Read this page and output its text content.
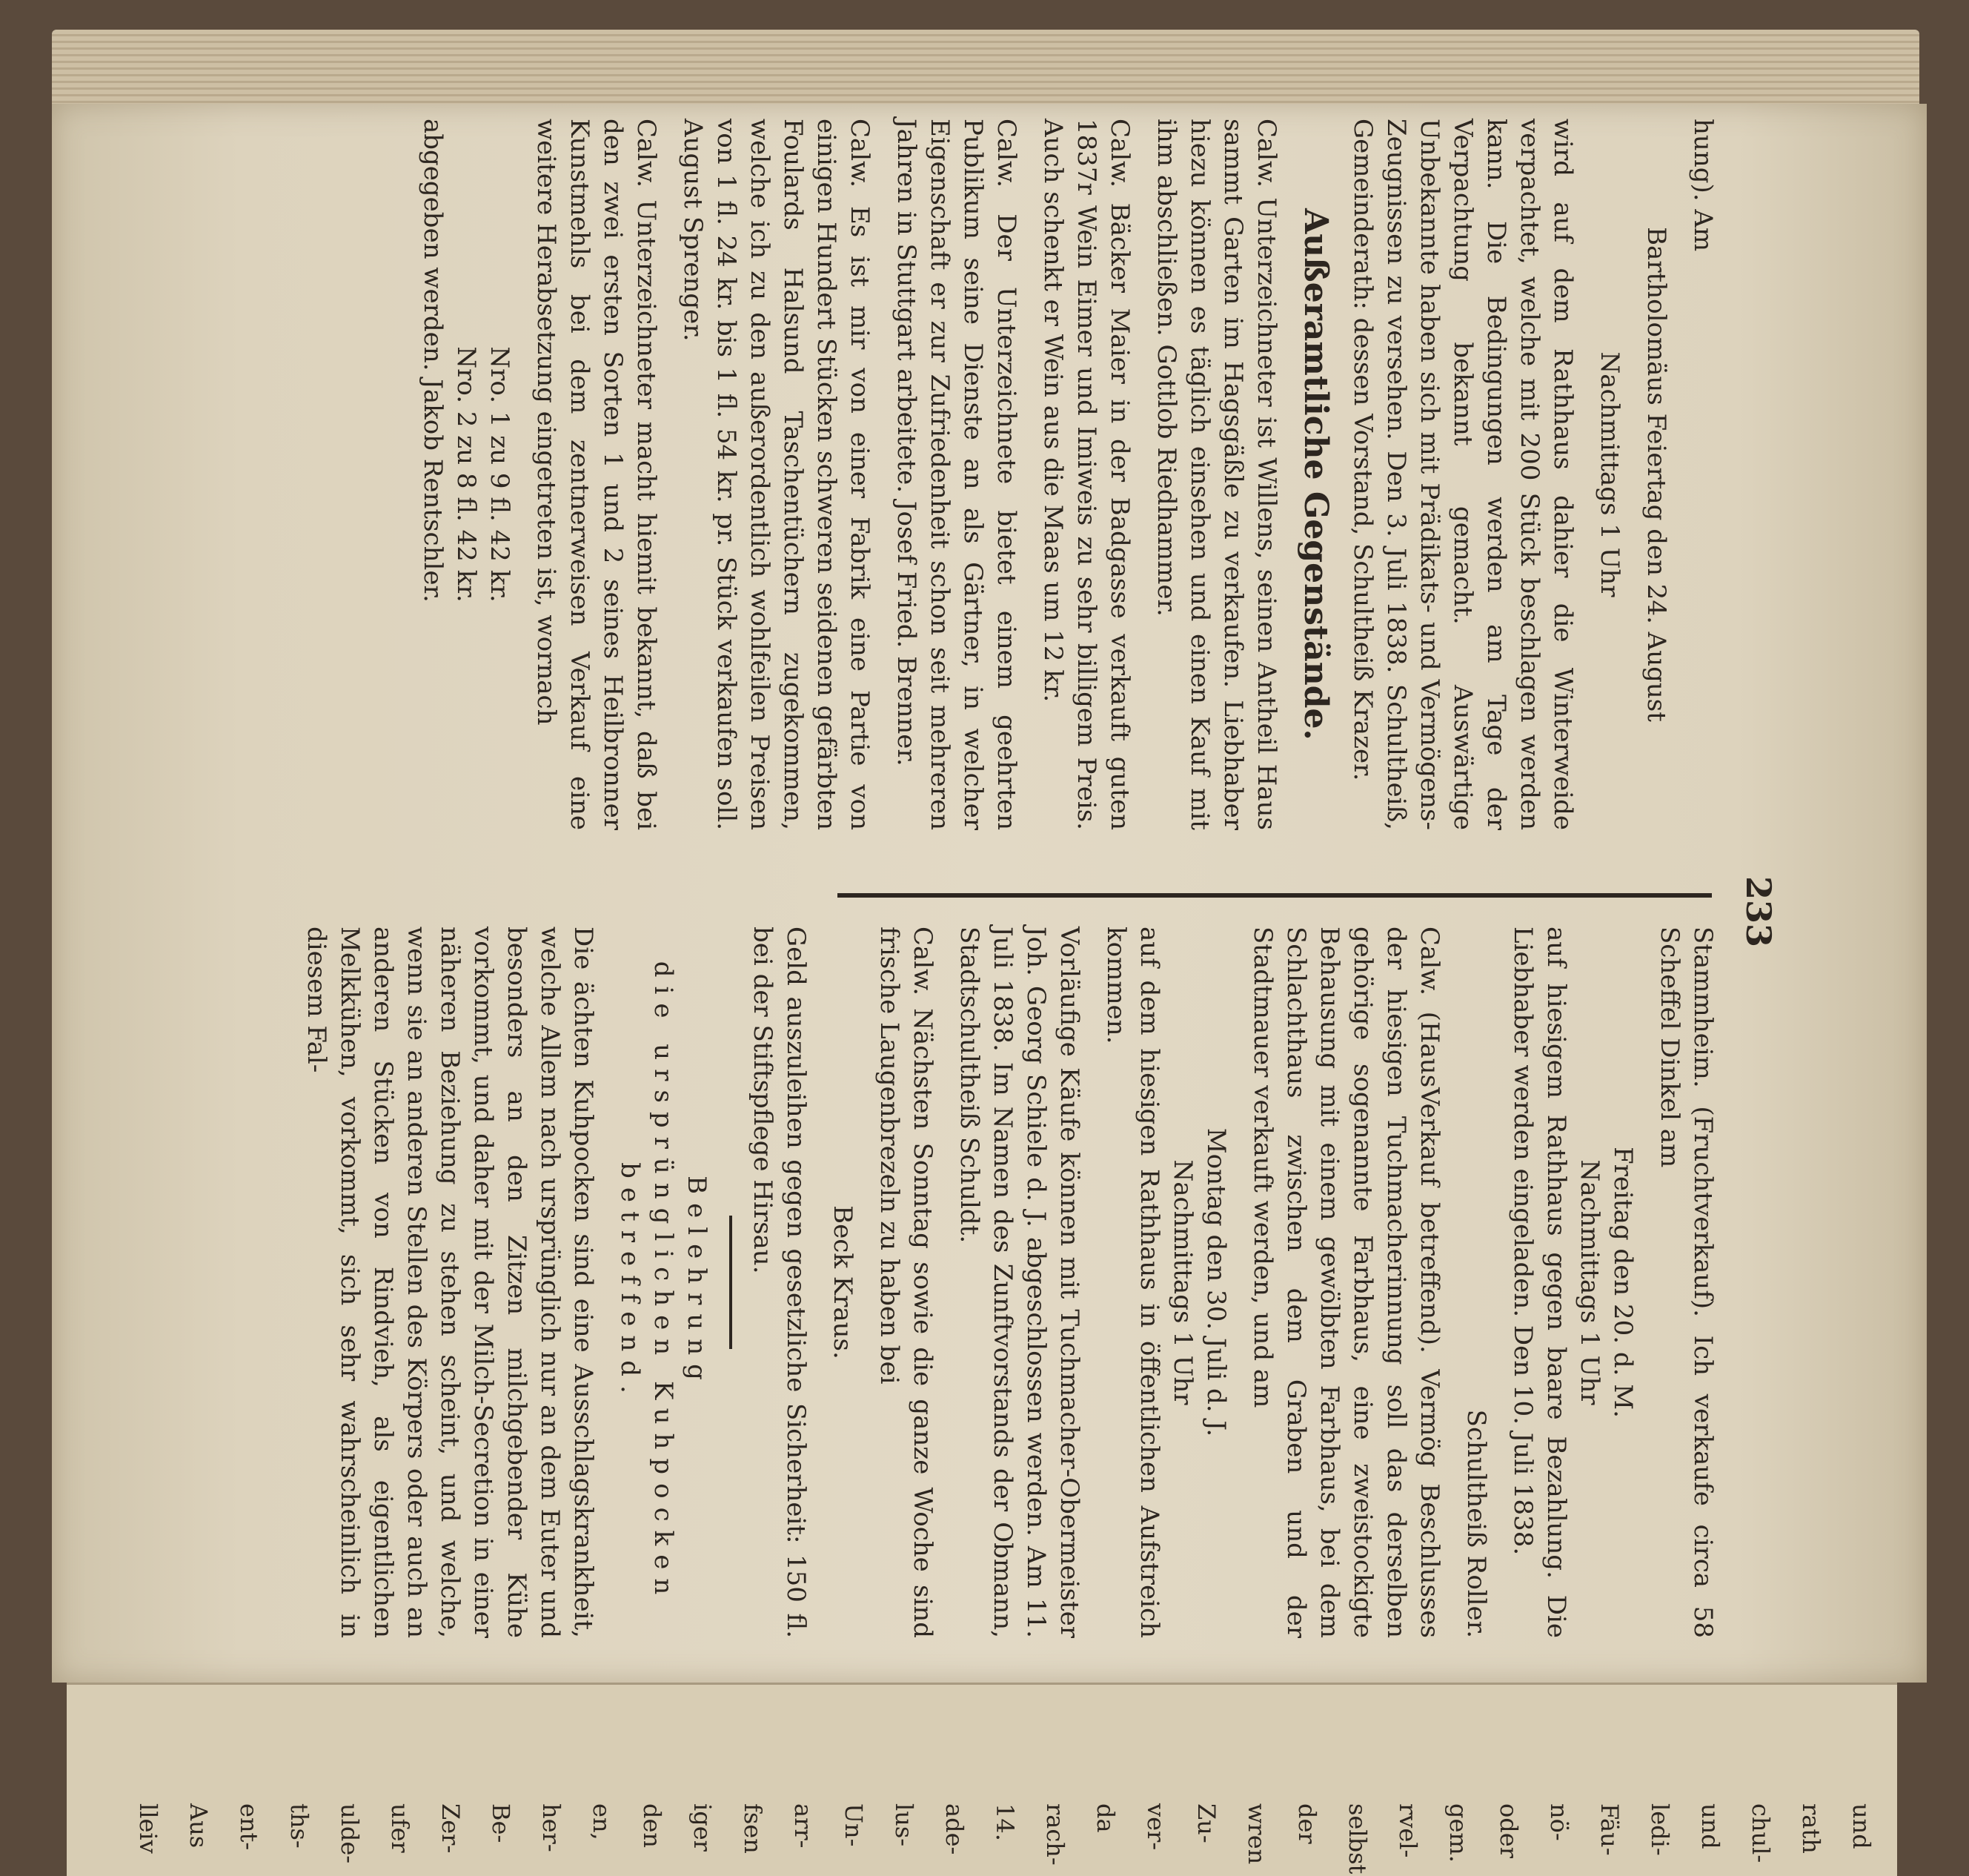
233

hung). Am

Bartholomäus Feiertag den 24. August

Nachmittags 1 Uhr

wird auf dem Rathhaus dahier die Winterweide verpachtet, welche mit 200 Stück beschlagen werden kann. Die Bedingungen werden am Tage der Verpachtung bekannt gemacht. Auswärtige Unbekannte haben sich mit Prädikats- und Vermögens-Zeugnissen zu versehen. Den 3. Juli 1838. Schultheiß, Gemeinderath: dessen Vorstand, Schultheiß Krazer.

Außeramtliche Gegenstände.

Calw. Unterzeichneter ist Willens, seinen Antheil Haus sammt Garten im Hagsgäßle zu verkaufen. Liebhaber hiezu können es täglich einsehen und einen Kauf mit ihm abschließen. Gottlob Riedhammer.

Calw. Bäcker Maier in der Badgasse verkauft guten 1837r Wein Eimer und Imiweis zu sehr billigem Preis. Auch schenkt er Wein aus die Maas um 12 kr.

Calw. Der Unterzeichnete bietet einem geehrten Publikum seine Dienste an als Gärtner, in welcher Eigenschaft er zur Zufriedenheit schon seit mehreren Jahren in Stuttgart arbeitete. Josef Fried. Brenner.

Calw. Es ist mir von einer Fabrik eine Partie von einigen Hundert Stücken schweren seidenen gefärbten Foulards Halsund Taschentüchern zugekommen, welche ich zu den außerordentlich wohlfeilen Preisen von 1 fl. 24 kr. bis 1 fl. 54 kr. pr. Stück verkaufen soll. August Sprenger.

Calw. Unterzeichneter macht hiemit bekannt, daß bei den zwei ersten Sorten 1 und 2 seines Heilbronner Kunstmehls bei dem zentnerweisen Verkauf eine weitere Herabsetzung eingetreten ist, wornach

Nro. 1 zu 9 fl. 42 kr.

Nro. 2 zu 8 fl. 42 kr.

abgegeben werden. Jakob Rentschler.

Stammheim. (Fruchtverkauf). Ich verkaufe circa 58 Scheffel Dinkel am

Freitag den 20. d. M.

Nachmittags 1 Uhr

auf hiesigem Rathhaus gegen baare Bezahlung. Die Liebhaber werden eingeladen. Den 10. Juli 1838.

Schultheiß Roller.

Calw. (HausVerkauf betreffend). Vermög Beschlusses der hiesigen Tuchmacherinnung soll das derselben gehörige sogenannte Farbhaus, eine zweistockigte Behausung mit einem gewölbten Farbhaus, bei dem Schlachthaus zwischen dem Graben und der Stadtmauer verkauft werden, und am

Montag den 30. Juli d. J.

Nachmittags 1 Uhr

auf dem hiesigen Rathhaus in öffentlichen Aufstreich kommen.

Vorläufige Käufe können mit Tuchmacher-Obermeister Joh. Georg Schiele d. J. abgeschlossen werden. Am 11. Juli 1838. Im Namen des Zunftvorstands der Obmann, Stadtschultheiß Schuldt.

Calw. Nächsten Sonntag sowie die ganze Woche sind frische Laugenbrezeln zu haben bei

Beck Kraus.

Geld auszuleihen gegen gesetzliche Sicherheit: 150 fl. bei der Stiftspflege Hirsau.

Belehrung

die ursprünglichen Kuhpocken

betreffend.

Die ächten Kuhpocken sind eine Ausschlagskrankheit, welche Allem nach ursprünglich nur an dem Euter und besonders an den Zitzen milchgebender Kühe vorkommt, und daher mit der Milch-Secretion in einer näheren Beziehung zu stehen scheint, und welche, wenn sie an anderen Stellen des Körpers oder auch an anderen Stücken von Rindvieh, als eigentlichen Melkkühen, vorkommt, sich sehr wahrscheinlich in diesem Fal-

und
rath
chul-
und
ledi-
Fäu-
nö-
oder
gem.
rvel-
selbst
der
wren
Zu-
ver-
da
rach-
14.
ade-
lus-
Un-
arr-
fsen
iger
den
en,
her-
Be-
Zer-
ufer
ulde-
ths-
ent-
Aus
lleiv
